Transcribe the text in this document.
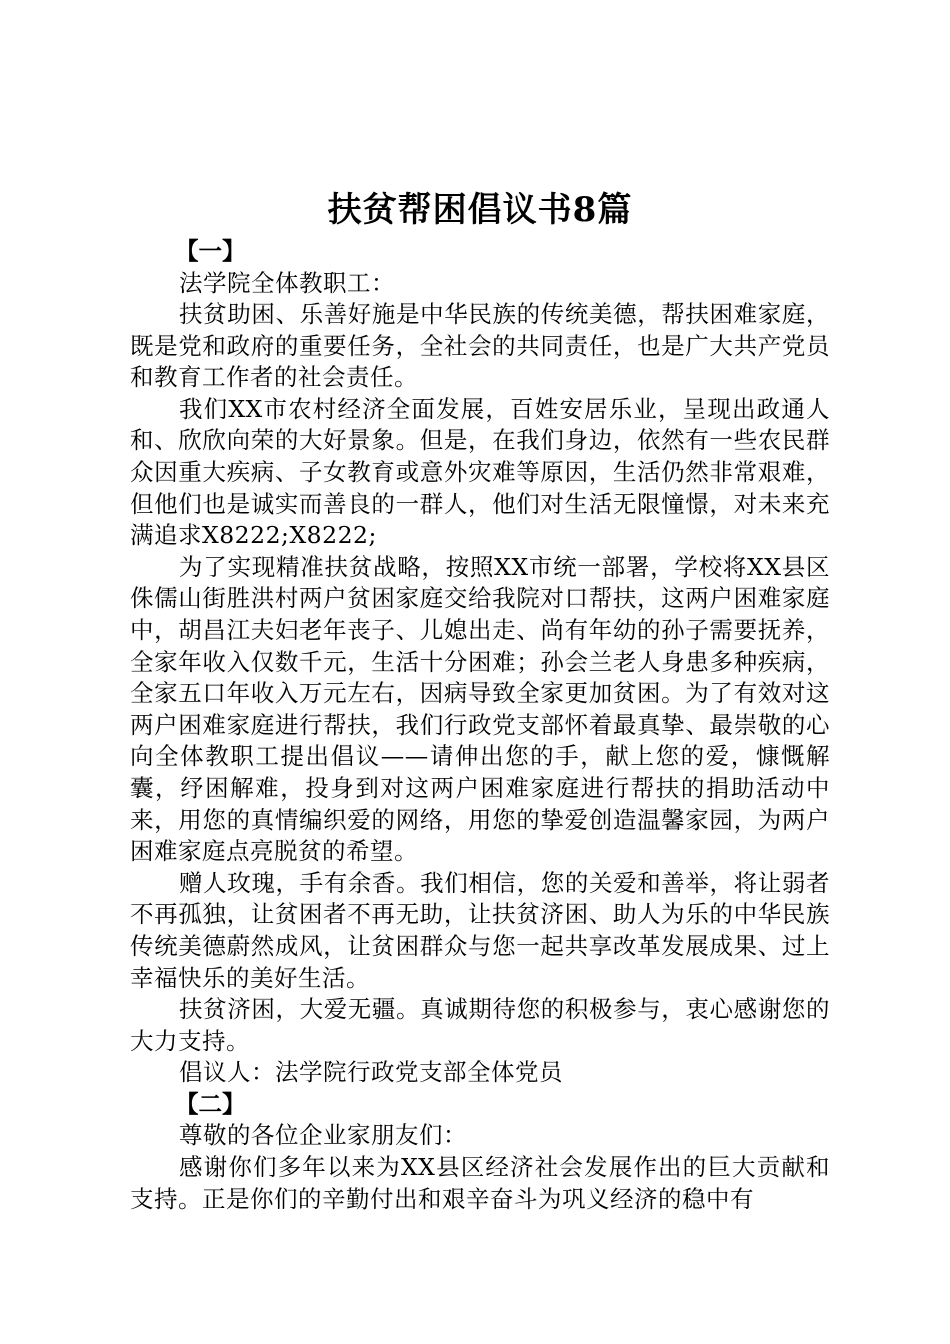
扶贫帮困倡议书8篇
【一】
法学院全体教职工：
扶贫助困、乐善好施是中华民族的传统美德，帮扶困难家庭，既是党和政府的重要任务，全社会的共同责任，也是广大共产党员和教育工作者的社会责任。
我们XX市农村经济全面发展，百姓安居乐业，呈现出政通人和、欣欣向荣的大好景象。但是，在我们身边，依然有一些农民群众因重大疾病、子女教育或意外灾难等原因，生活仍然非常艰难，但他们也是诚实而善良的一群人，他们对生活无限憧憬，对未来充满追求X8222;X8222;
为了实现精准扶贫战略，按照XX市统一部署，学校将XX县区侏儒山街胜洪村两户贫困家庭交给我院对口帮扶，这两户困难家庭中，胡昌江夫妇老年丧子、儿媳出走、尚有年幼的孙子需要抚养，全家年收入仅数千元，生活十分困难；孙会兰老人身患多种疾病，全家五口年收入万元左右，因病导致全家更加贫困。为了有效对这两户困难家庭进行帮扶，我们行政党支部怀着最真挚、最崇敬的心向全体教职工提出倡议——请伸出您的手，献上您的爱，慷慨解囊，纾困解难，投身到对这两户困难家庭进行帮扶的捐助活动中来，用您的真情编织爱的网络，用您的挚爱创造温馨家园，为两户困难家庭点亮脱贫的希望。
赠人玫瑰，手有余香。我们相信，您的关爱和善举，将让弱者不再孤独，让贫困者不再无助，让扶贫济困、助人为乐的中华民族传统美德蔚然成风，让贫困群众与您一起共享改革发展成果、过上幸福快乐的美好生活。
扶贫济困，大爱无疆。真诚期待您的积极参与，衷心感谢您的大力支持。
倡议人：法学院行政党支部全体党员
【二】
尊敬的各位企业家朋友们：
感谢你们多年以来为XX县区经济社会发展作出的巨大贡献和支持。正是你们的辛勤付出和艰辛奋斗为巩义经济的稳中有
